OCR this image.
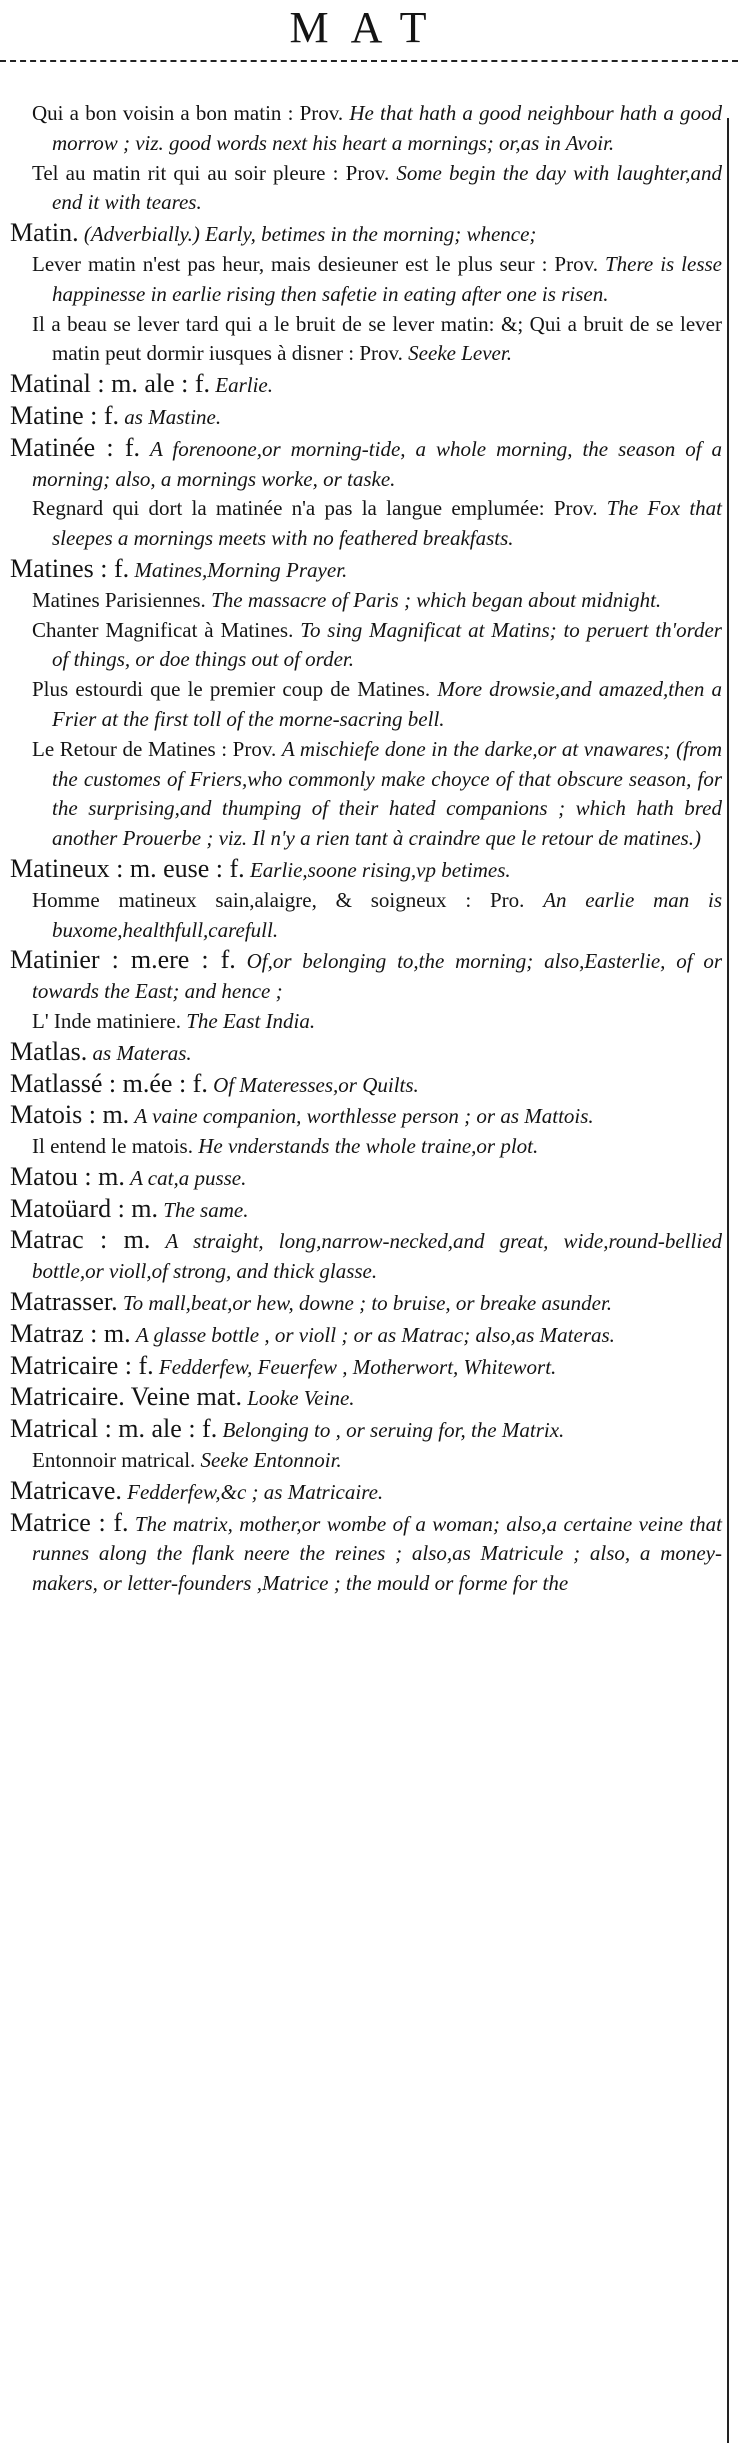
MAT
Qui a bon voisin a bon matin : Prov. He that hath a good neighbour hath a good morrow ; viz. good words next his heart a mornings; or,as in Avoir.
Tel au matin rit qui au soir pleure : Prov. Some begin the day with laughter,and end it with teares.
Matin. (Adverbially.) Early, betimes in the morning; whence;
Lever matin n'est pas heur, mais desieuner est le plus seur : Prov. There is lesse happinesse in earlie rising then safetie in eating after one is risen.
Il a beau se lever tard qui a le bruit de se lever matin: &; Qui a bruit de se lever matin peut dormir iusques à disner : Prov. Seeke Lever.
Matinal : m. ale : f. Earlie.
Matine : f. as Mastine.
Matinée : f. A forenoone,or morning-tide, a whole morning, the season of a morning; also, a mornings worke, or taske.
Regnard qui dort la matinée n'a pas la langue emplumée: Prov. The Fox that sleepes a mornings meets with no feathered breakfasts.
Matines : f. Matines,Morning Prayer.
Matines Parisiennes. The massacre of Paris ; which began about midnight.
Chanter Magnificat à Matines. To sing Magnificat at Matins; to peruert th'order of things, or doe things out of order.
Plus estourdi que le premier coup de Matines. More drowsie,and amazed,then a Frier at the first toll of the morne-sacring bell.
Le Retour de Matines : Prov. A mischiefe done in the darke,or at vnawares; (from the customes of Friers,who commonly make choyce of that obscure season, for the surprising,and thumping of their hated companions ; which hath bred another Prouerbe ; viz. Il n'y a rien tant à craindre que le retour de matines.)
Matineux : m. euse : f. Earlie,soone rising,vp betimes.
Homme matineux sain,alaigre, & soigneux : Pro. An earlie man is buxome,healthfull,carefull.
Matinier : m.ere : f. Of,or belonging to,the morning; also,Easterlie, of or towards the East; and hence ;
L' Inde matiniere. The East India.
Matlas. as Materas.
Matlassé : m.ée : f. Of Materesses,or Quilts.
Matois : m. A vaine companion, worthlesse person ; or as Mattois.
Il entend le matois. He vnderstands the whole traine,or plot.
Matou : m. A cat,a pusse.
Matoüard : m. The same.
Matrac : m. A straight, long,narrow-necked,and great, wide,round-bellied bottle,or violl,of strong, and thick glasse.
Matrasser. To mall,beat,or hew, downe ; to bruise, or breake asunder.
Matraz : m. A glasse bottle , or violl ; or as Matrac; also,as Materas.
Matricaire : f. Fedderfew, Feuerfew , Motherwort, Whitewort.
Matricaire. Veine mat. Looke Veine.
Matrical : m. ale : f. Belonging to , or seruing for, the Matrix.
Entonnoir matrical. Seeke Entonnoir.
Matricave. Fedderfew,&c ; as Matricaire.
Matrice : f. The matrix, mother,or wombe of a woman; also,a certaine veine that runnes along the flank neere the reines ; also,as Matricule ; also, a money-makers, or letter-founders ,Matrice ; the mould or forme for the
